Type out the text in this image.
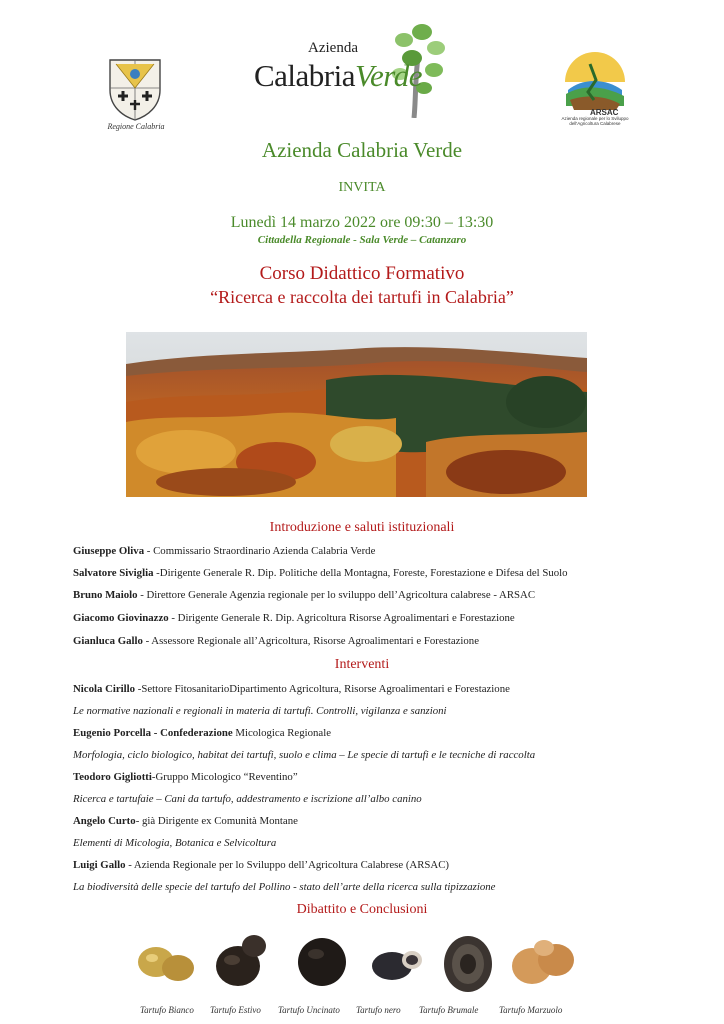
Regione Calabria
Azienda
CalabriaVerde
ARSAC
Azienda regionale per lo Sviluppo dell'Agricoltura Calabrese
Azienda Calabria Verde
INVITA
Lunedì 14 marzo 2022 ore 09:30 – 13:30
Cittadella Regionale - Sala Verde – Catanzaro
Corso Didattico Formativo
“Ricerca e raccolta dei tartufi in Calabria”
Introduzione e saluti istituzionali
Giuseppe Oliva - Commissario Straordinario Azienda Calabria Verde
Salvatore Siviglia -Dirigente Generale R. Dip. Politiche della Montagna, Foreste, Forestazione e Difesa del Suolo
Bruno Maiolo - Direttore Generale Agenzia regionale per lo sviluppo dell’Agricoltura calabrese - ARSAC
Giacomo Giovinazzo - Dirigente Generale R. Dip. Agricoltura Risorse Agroalimentari e Forestazione
Gianluca Gallo - Assessore Regionale all’Agricoltura, Risorse Agroalimentari e Forestazione
Interventi
Nicola Cirillo -Settore FitosanitarioDipartimento Agricoltura, Risorse Agroalimentari e Forestazione
Le normative nazionali e regionali in materia di tartufi. Controlli, vigilanza e sanzioni
Eugenio Porcella - Confederazione Micologica Regionale
Morfologia, ciclo biologico, habitat dei tartufi, suolo e clima – Le specie di tartufi e le tecniche di raccolta
Teodoro Gigliotti-Gruppo Micologico “Reventino”
Ricerca e tartufaie – Cani da tartufo, addestramento e iscrizione all’albo canino
Angelo Curto- già Dirigente ex Comunità Montane
Elementi di Micologia, Botanica e Selvicoltura
Luigi Gallo - Azienda Regionale per lo Sviluppo dell’Agricoltura Calabrese (ARSAC)
La biodiversità delle specie del tartufo del Pollino - stato dell’arte della ricerca sulla tipizzazione
Dibattito e Conclusioni
Tartufo Bianco Tartufo Estivo Tartufo Uncinato Tartufo nero Tartufo Brumale Tartufo Marzuolo
